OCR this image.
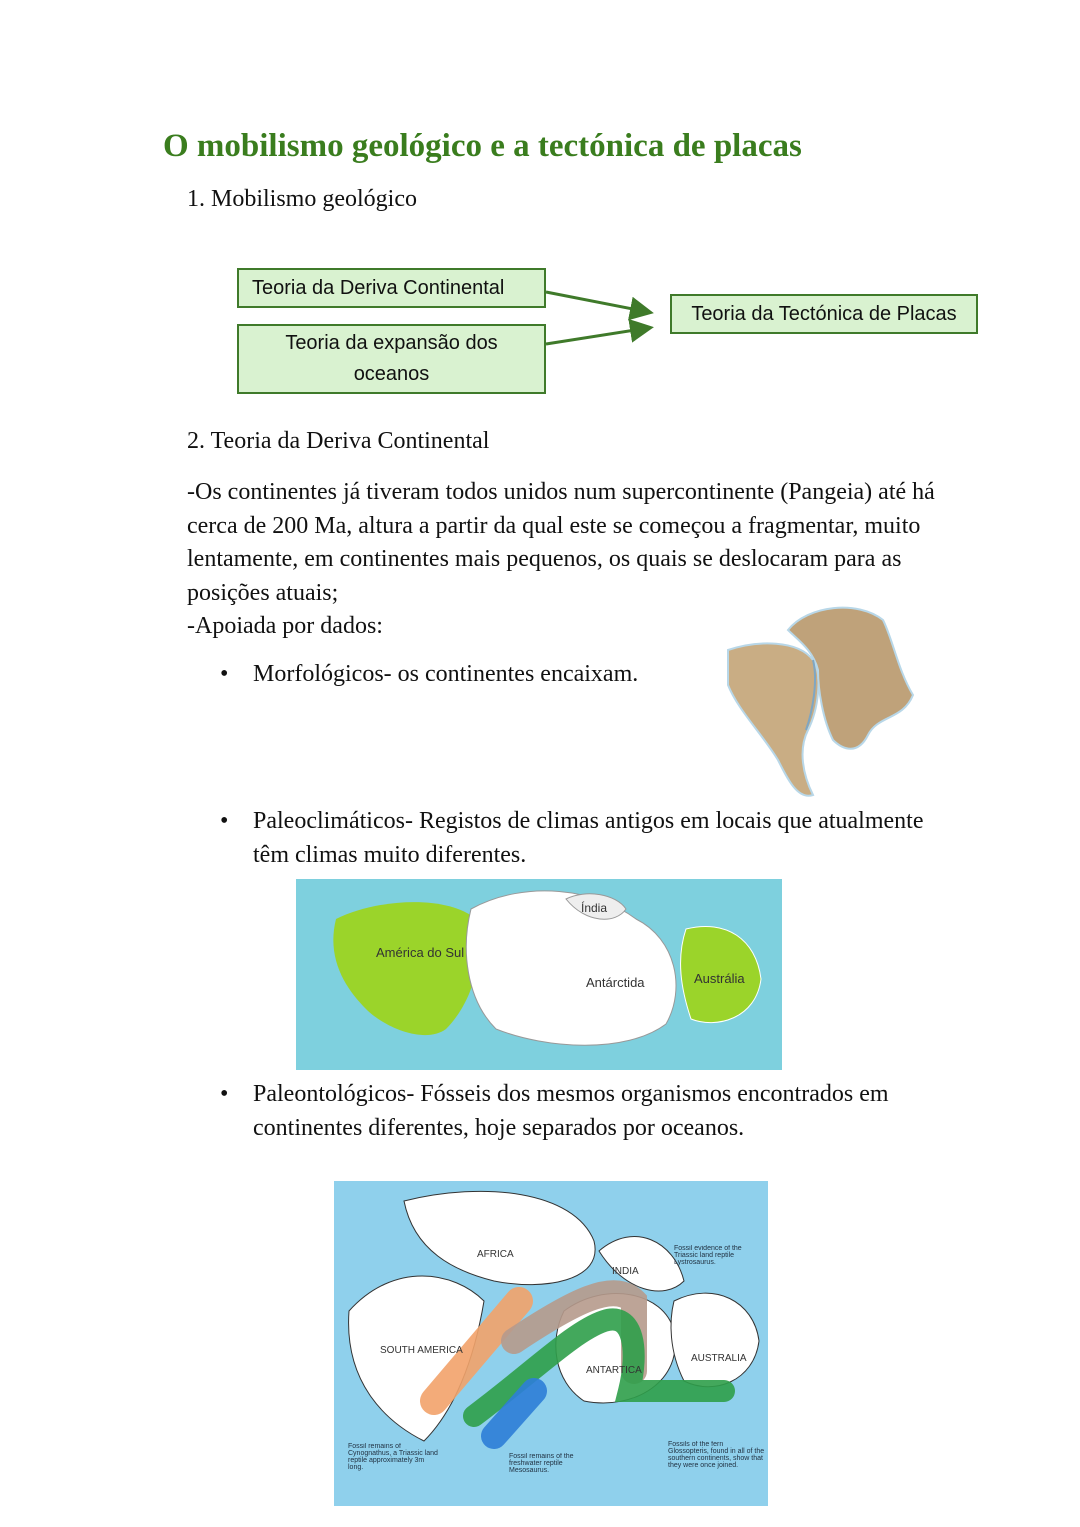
O mobilismo geológico e a tectónica de placas
1. Mobilismo geológico
Teoria da Deriva Continental
Teoria da expansão dos oceanos
Teoria da Tectónica de Placas
2. Teoria da Deriva Continental
-Os continentes já tiveram todos unidos num supercontinente (Pangeia) até há cerca de 200 Ma, altura a partir da qual este se começou a fragmentar, muito lentamente, em continentes mais pequenos, os quais se deslocaram para as posições atuais;
-Apoiada por dados:
• Morfológicos- os continentes encaixam.
• Paleoclimáticos- Registos de climas antigos em locais que atualmente têm climas muito diferentes.
América do Sul
Índia
Antárctida	Austrália
• Paleontológicos- Fósseis dos mesmos organismos encontrados em continentes diferentes, hoje separados por oceanos.
AFRICA
INDIA
SOUTH AMERICA
ANTARTICA
AUSTRALIA
Fossil evidence of the Triassic land reptile Lystrosaurus.
Fossil remains of Cynognathus, a Triassic land reptile approximately 3m long.
Fossil remains of the freshwater reptile Mesosaurus.
Fossils of the fern Glossopteris, found in all of the southern continents, show that they were once joined.
